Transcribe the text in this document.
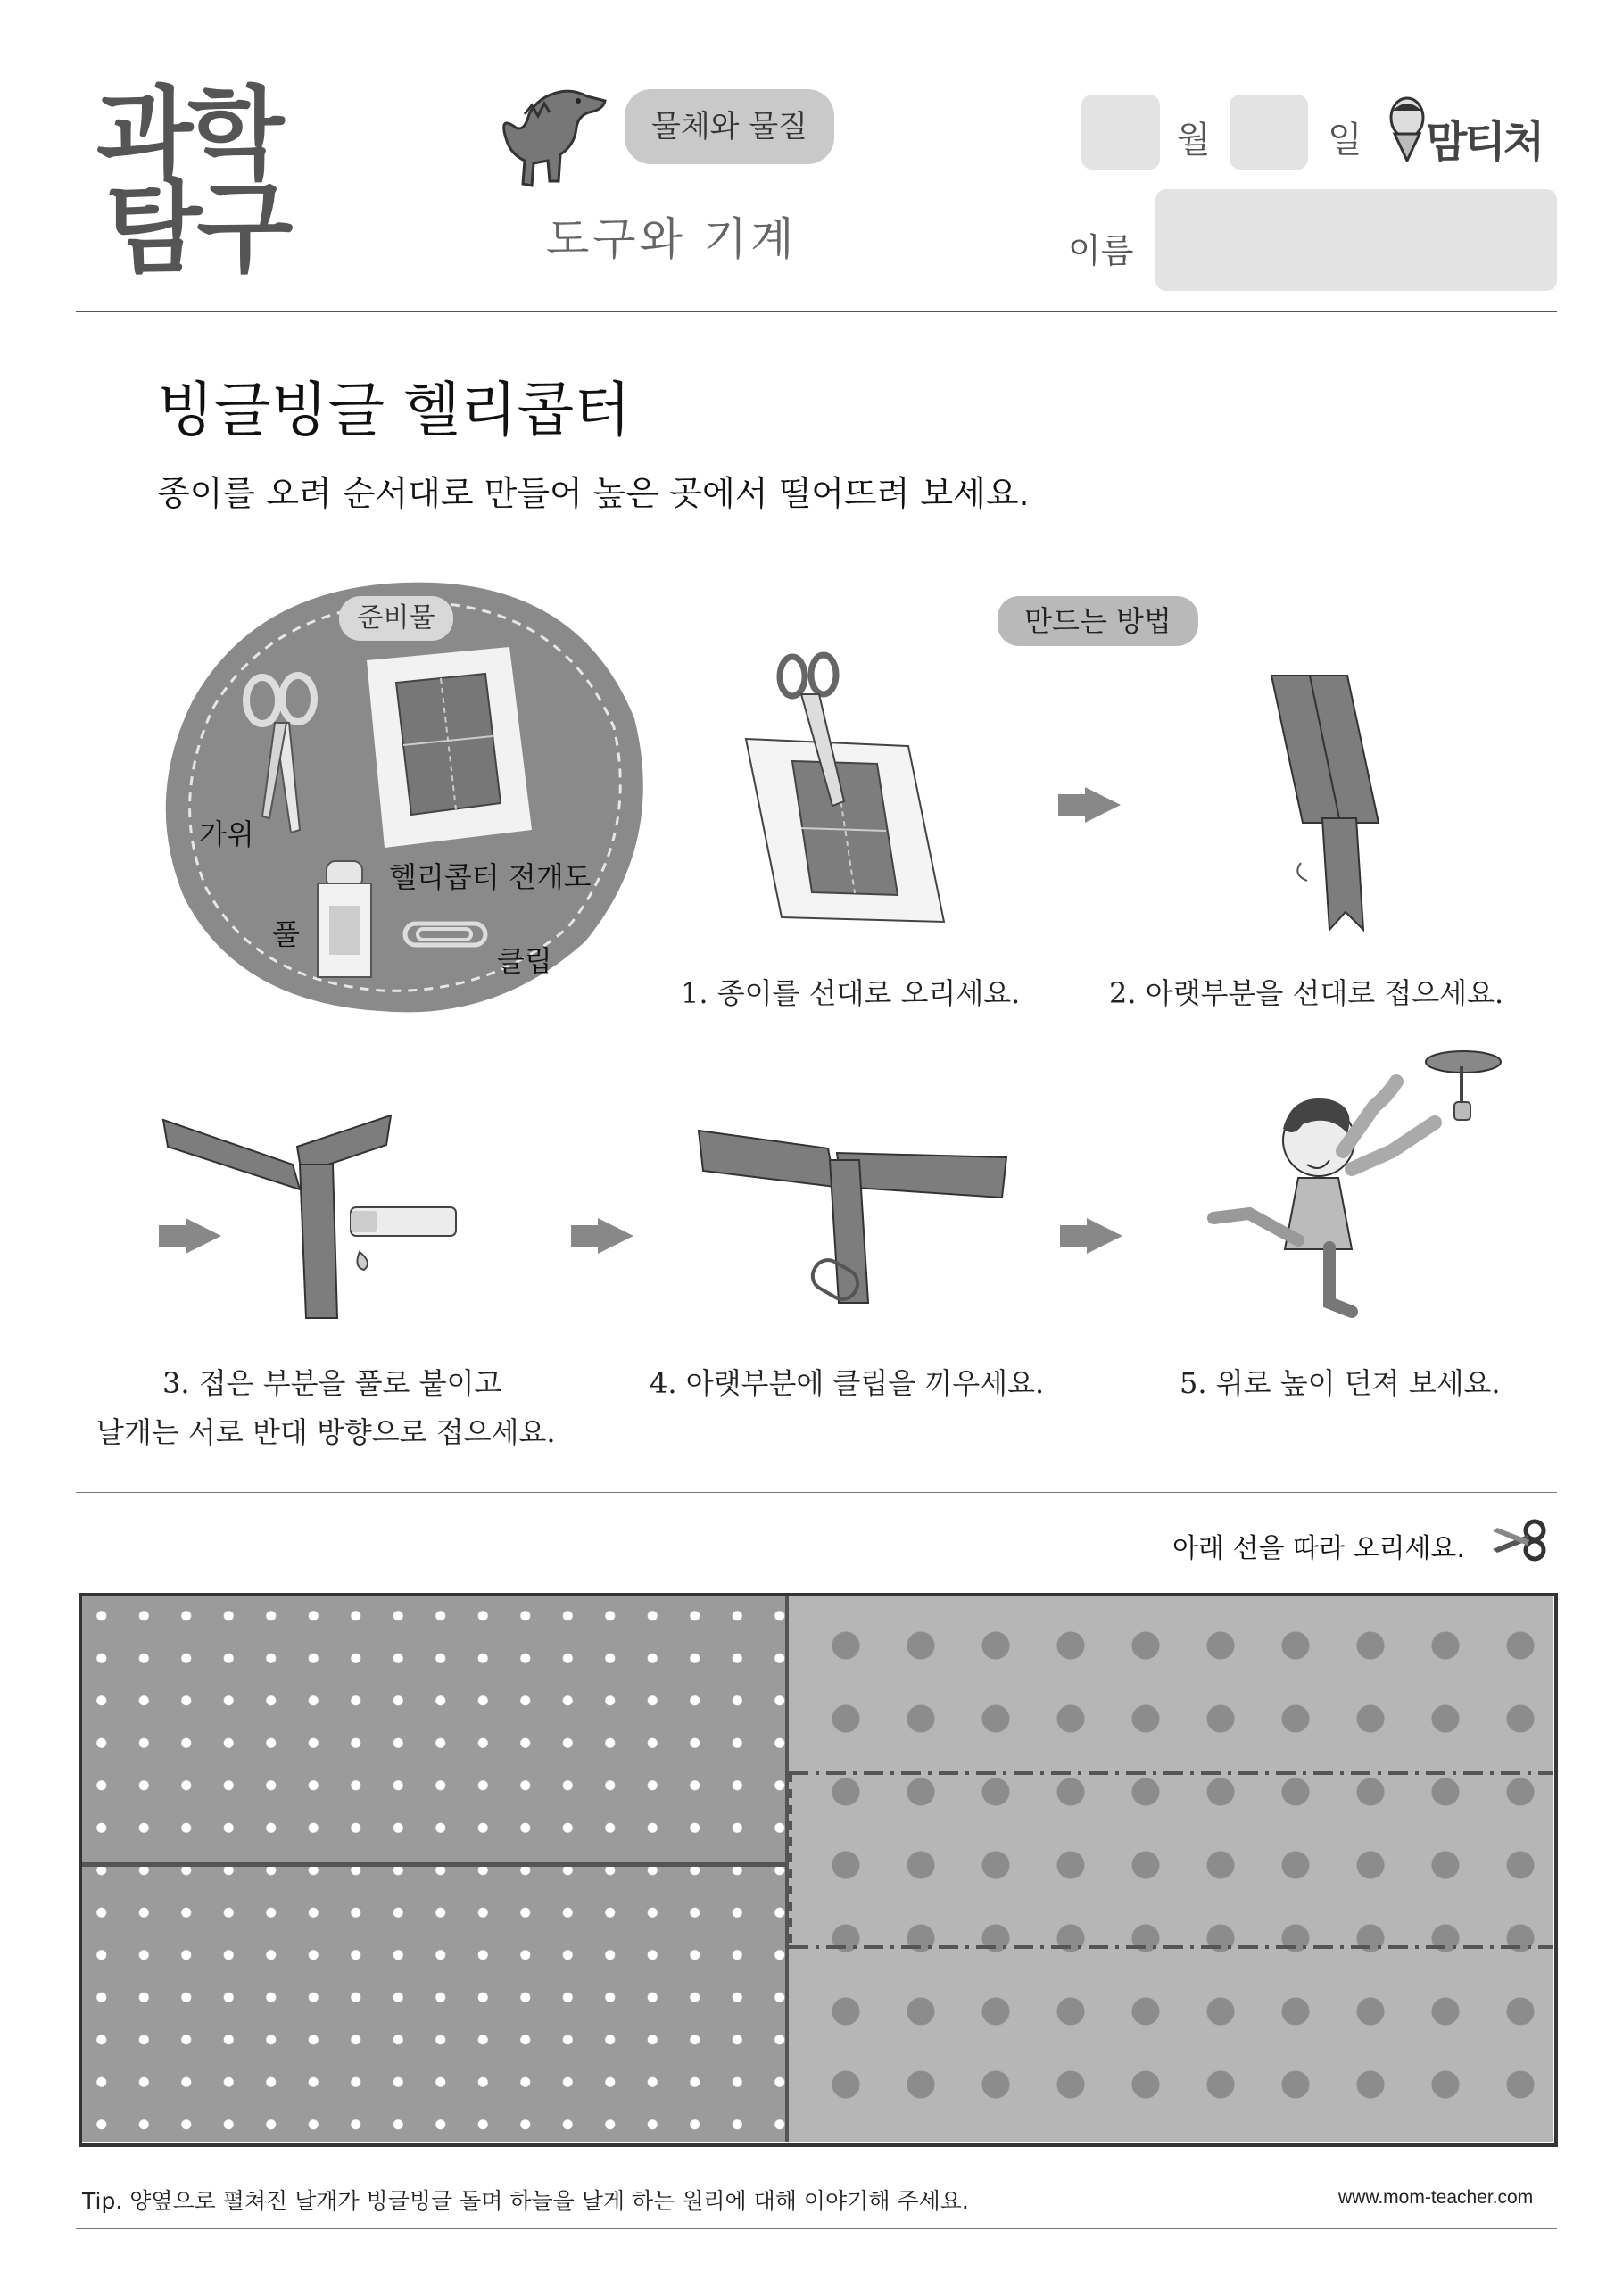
과학
탐구
물체와 물질
도구와 기계
월	일 맘티처
이름
빙글빙글 헬리콥터
종이를 오려 순서대로 만들어 높은 곳에서 떨어뜨려 보세요.
준비물
가위
헬리콥터 전개도
풀
클립
만드는 방법
1. 종이를 선대로 오리세요.	2. 아랫부분을 선대로 접으세요.
3. 접은 부분을 풀로 붙이고
날개는 서로 반대 방향으로 접으세요.
4. 아랫부분에 클립을 끼우세요.	5. 위로 높이 던져 보세요.
아래 선을 따라 오리세요.
Tip. 양옆으로 펼쳐진 날개가 빙글빙글 돌며 하늘을 날게 하는 원리에 대해 이야기해 주세요.	www.mom-teacher.com
